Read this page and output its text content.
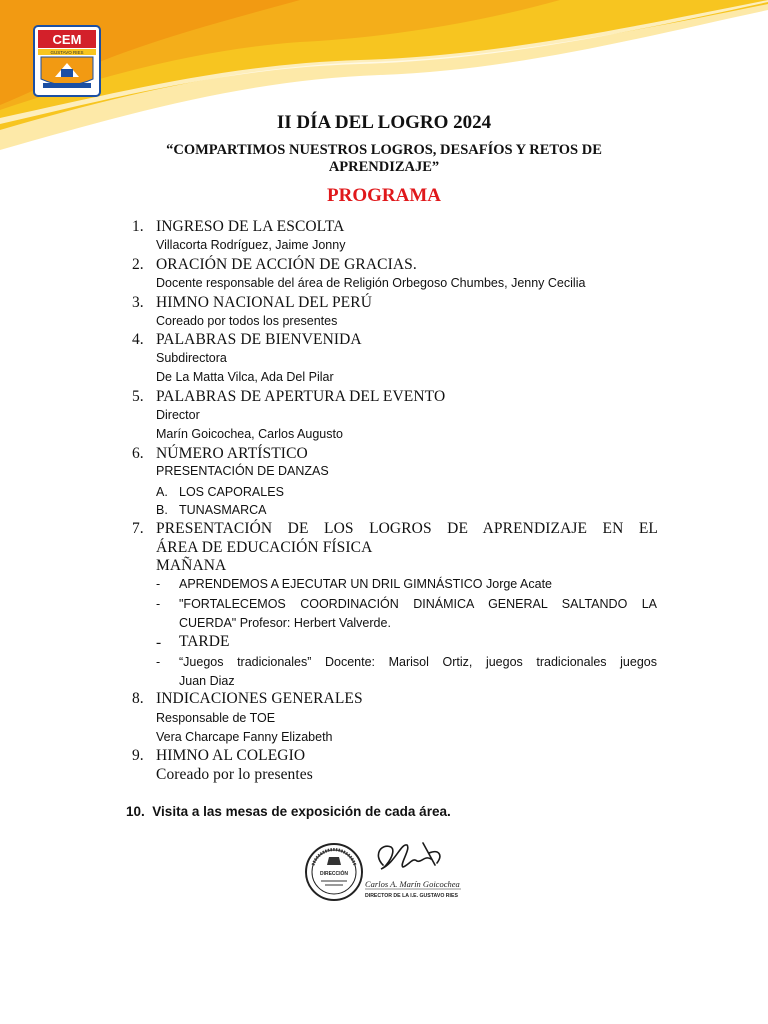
CEM
GUSTAVO RIES
II DÍA DEL LOGRO 2024
“COMPARTIMOS NUESTROS LOGROS, DESAFÍOS Y RETOS DE APRENDIZAJE”
PROGRAMA
1. INGRESO DE LA ESCOLTA
Villacorta Rodríguez, Jaime Jonny
2. ORACIÓN DE ACCIÓN DE GRACIAS.
Docente responsable del área de Religión Orbegoso Chumbes, Jenny Cecilia
3. HIMNO NACIONAL DEL PERÚ
Coreado por todos los presentes
4. PALABRAS DE BIENVENIDA
Subdirectora
De La Matta Vilca, Ada Del Pilar
5. PALABRAS DE APERTURA DEL EVENTO
Director
Marín Goicochea, Carlos Augusto
6. NÚMERO ARTÍSTICO
PRESENTACIÓN DE DANZAS
A. LOS CAPORALES
B. TUNASMARCA
7. PRESENTACIÓN DE LOS LOGROS DE APRENDIZAJE EN EL
ÁREA DE EDUCACIÓN FÍSICA
MAÑANA
- APRENDEMOS A EJECUTAR UN DRIL GIMNÁSTICO Jorge Acate
- "FORTALECEMOS COORDINACIÓN DINÁMICA GENERAL SALTANDO LA
CUERDA" Profesor: Herbert Valverde.
- TARDE
- “Juegos tradicionales” Docente: Marisol Ortiz, juegos tradicionales juegos
Juan Diaz
8. INDICACIONES GENERALES
Responsable de TOE
Vera Charcape Fanny Elizabeth
9. HIMNO AL COLEGIO
Coreado por lo presentes
10. Visita a las mesas de exposición de cada área.
DIRECCIÓN
Carlos A. Marín Goicochea
DIRECTOR DE LA I.E. GUSTAVO RIES
